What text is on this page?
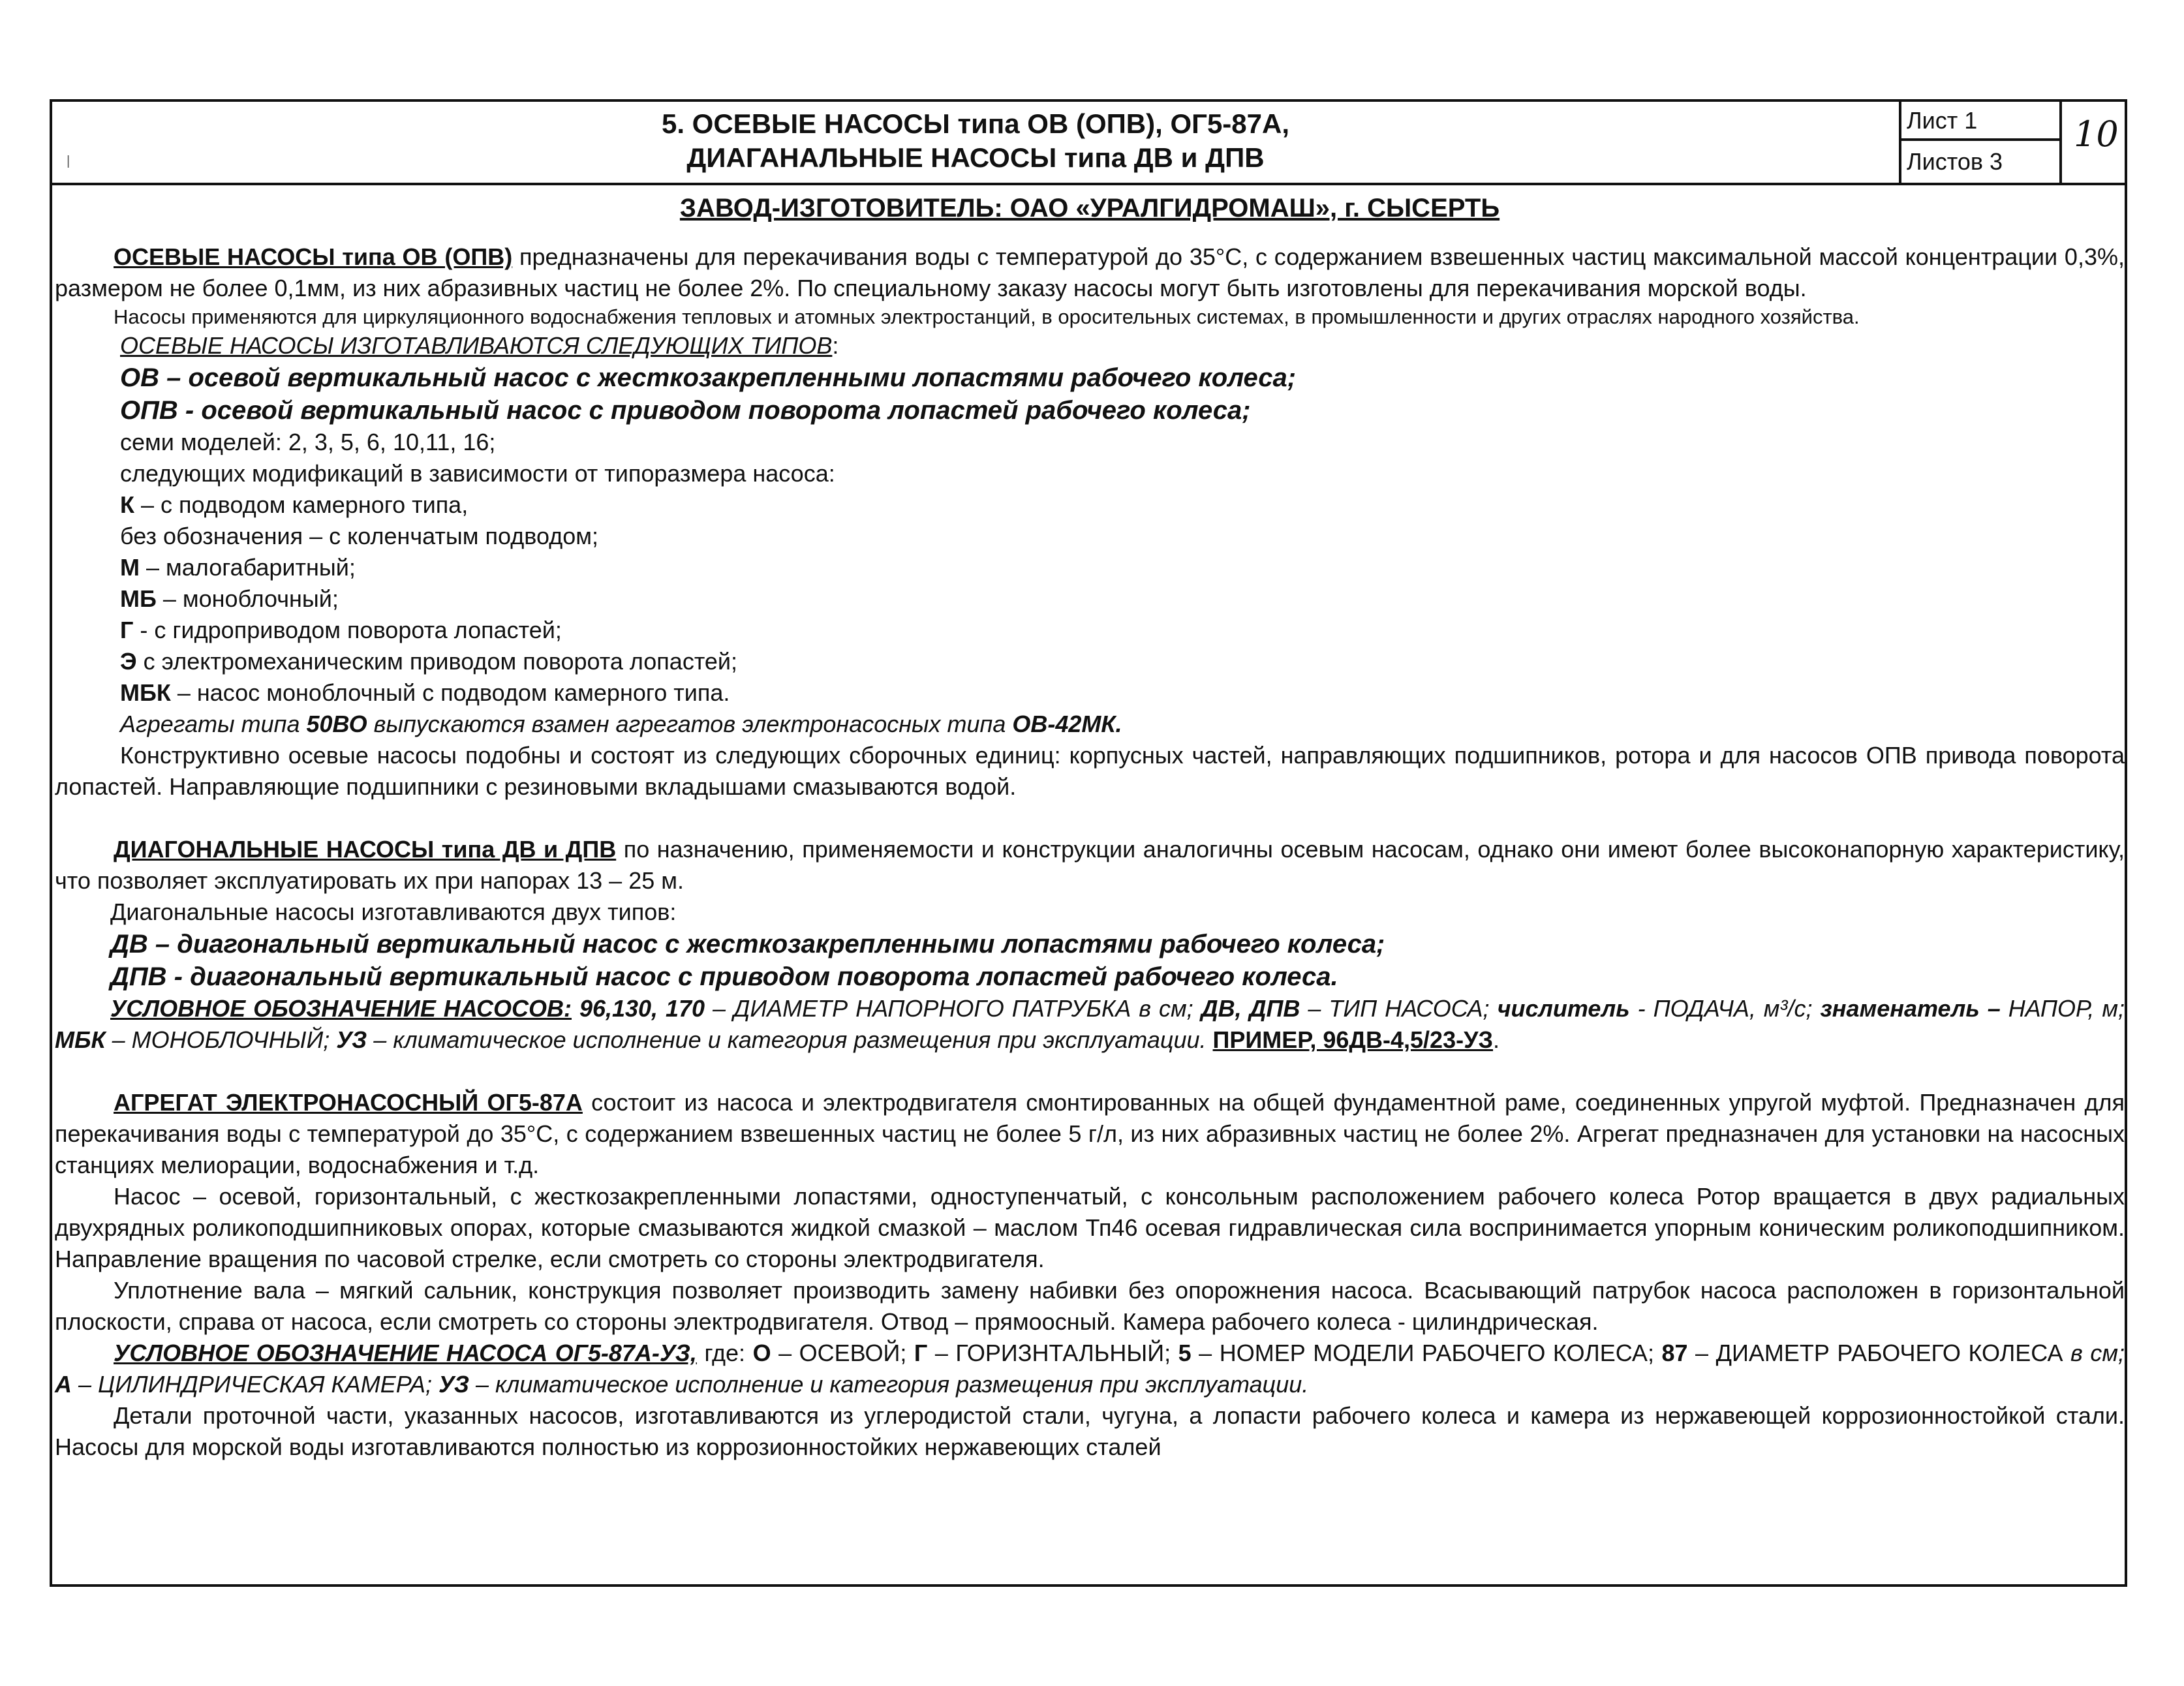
|
5. ОСЕВЫЕ НАСОСЫ типа ОВ (ОПВ), ОГ5-87А,
ДИАГАНАЛЬНЫЕ НАСОСЫ типа ДВ и ДПВ
Лист 1
Листов 3
10
ЗАВОД-ИЗГОТОВИТЕЛЬ: ОАО «УРАЛГИДРОМАШ», г. СЫСЕРТЬ

ОСЕВЫЕ НАСОСЫ типа ОВ (ОПВ) предназначены для перекачивания воды с температурой до 35°С, с содержанием взвешенных частиц максимальной массой концентрации 0,3%, размером не более 0,1мм, из них абразивных частиц не более 2%. По специальному заказу насосы могут быть изготовлены для перекачивания морской воды.

Насосы применяются для циркуляционного водоснабжения тепловых и атомных электростанций, в оросительных системах, в промышленности и других отраслях народного хозяйства.

ОСЕВЫЕ НАСОСЫ ИЗГОТАВЛИВАЮТСЯ СЛЕДУЮЩИХ ТИПОВ:

ОВ – осевой вертикальный насос с жесткозакрепленными лопастями рабочего колеса;

ОПВ - осевой вертикальный насос с приводом поворота лопастей рабочего колеса;

семи моделей: 2, 3, 5, 6, 10,11, 16;

следующих модификаций в зависимости от типоразмера насоса:

К – с подводом камерного типа,

без обозначения – с коленчатым подводом;

М – малогабаритный;

МБ – моноблочный;

Г - с гидроприводом поворота лопастей;

Э с электромеханическим приводом поворота лопастей;

МБК – насос моноблочный с подводом камерного типа.

Агрегаты типа 50ВО выпускаются взамен агрегатов электронасосных типа ОВ-42МК.

Конструктивно осевые насосы подобны и состоят из следующих сборочных единиц: корпусных частей, направляющих подшипников, ротора и для насосов ОПВ привода поворота лопастей. Направляющие подшипники с резиновыми вкладышами смазываются водой.

ДИАГОНАЛЬНЫЕ НАСОСЫ типа ДВ и ДПВ по назначению, применяемости и конструкции аналогичны осевым насосам, однако они имеют более высоконапорную характеристику, что позволяет эксплуатировать их при напорах 13 – 25 м.

Диагональные насосы изготавливаются двух типов:

ДВ – диагональный вертикальный насос с жесткозакрепленными лопастями рабочего колеса;

ДПВ - диагональный вертикальный насос с приводом поворота лопастей рабочего колеса.

УСЛОВНОЕ ОБОЗНАЧЕНИЕ НАСОСОВ: 96,130, 170 – ДИАМЕТР НАПОРНОГО ПАТРУБКА в см; ДВ, ДПВ – ТИП НАСОСА; числитель - ПОДАЧА, м³/с; знаменатель – НАПОР, м; МБК – МОНОБЛОЧНЫЙ; УЗ – климатическое исполнение и категория размещения при эксплуатации. ПРИМЕР, 96ДВ-4,5/23-УЗ.

АГРЕГАТ ЭЛЕКТРОНАСОСНЫЙ ОГ5-87А состоит из насоса и электродвигателя смонтированных на общей фундаментной раме, соединенных упругой муфтой. Предназначен для перекачивания воды с температурой до 35°С, с содержанием взвешенных частиц не более 5 г/л, из них абразивных частиц не более 2%. Агрегат предназначен для установки на насосных станциях мелиорации, водоснабжения и т.д.

Насос – осевой, горизонтальный, с жесткозакрепленными лопастями, одноступенчатый, с консольным расположением рабочего колеса Ротор вращается в двух радиальных двухрядных роликоподшипниковых опорах, которые смазываются жидкой смазкой – маслом Тп46 осевая гидравлическая сила воспринимается упорным коническим роликоподшипником. Направление вращения по часовой стрелке, если смотреть со стороны электродвигателя.

Уплотнение вала – мягкий сальник, конструкция позволяет производить замену набивки без опорожнения насоса. Всасывающий патрубок насоса расположен в горизонтальной плоскости, справа от насоса, если смотреть со стороны электродвигателя. Отвод – прямоосный. Камера рабочего колеса - цилиндрическая.

УСЛОВНОЕ ОБОЗНАЧЕНИЕ НАСОСА ОГ5-87А-УЗ, где: О – ОСЕВОЙ; Г – ГОРИЗНТАЛЬНЫЙ; 5 – НОМЕР МОДЕЛИ РАБОЧЕГО КОЛЕСА; 87 – ДИАМЕТР РАБОЧЕГО КОЛЕСА в см; А – ЦИЛИНДРИЧЕСКАЯ КАМЕРА; УЗ – климатическое исполнение и категория размещения при эксплуатации.

Детали проточной части, указанных насосов, изготавливаются из углеродистой стали, чугуна, а лопасти рабочего колеса и камера из нержавеющей коррозионностойкой стали. Насосы для морской воды изготавливаются полностью из коррозионностойких нержавеющих сталей
